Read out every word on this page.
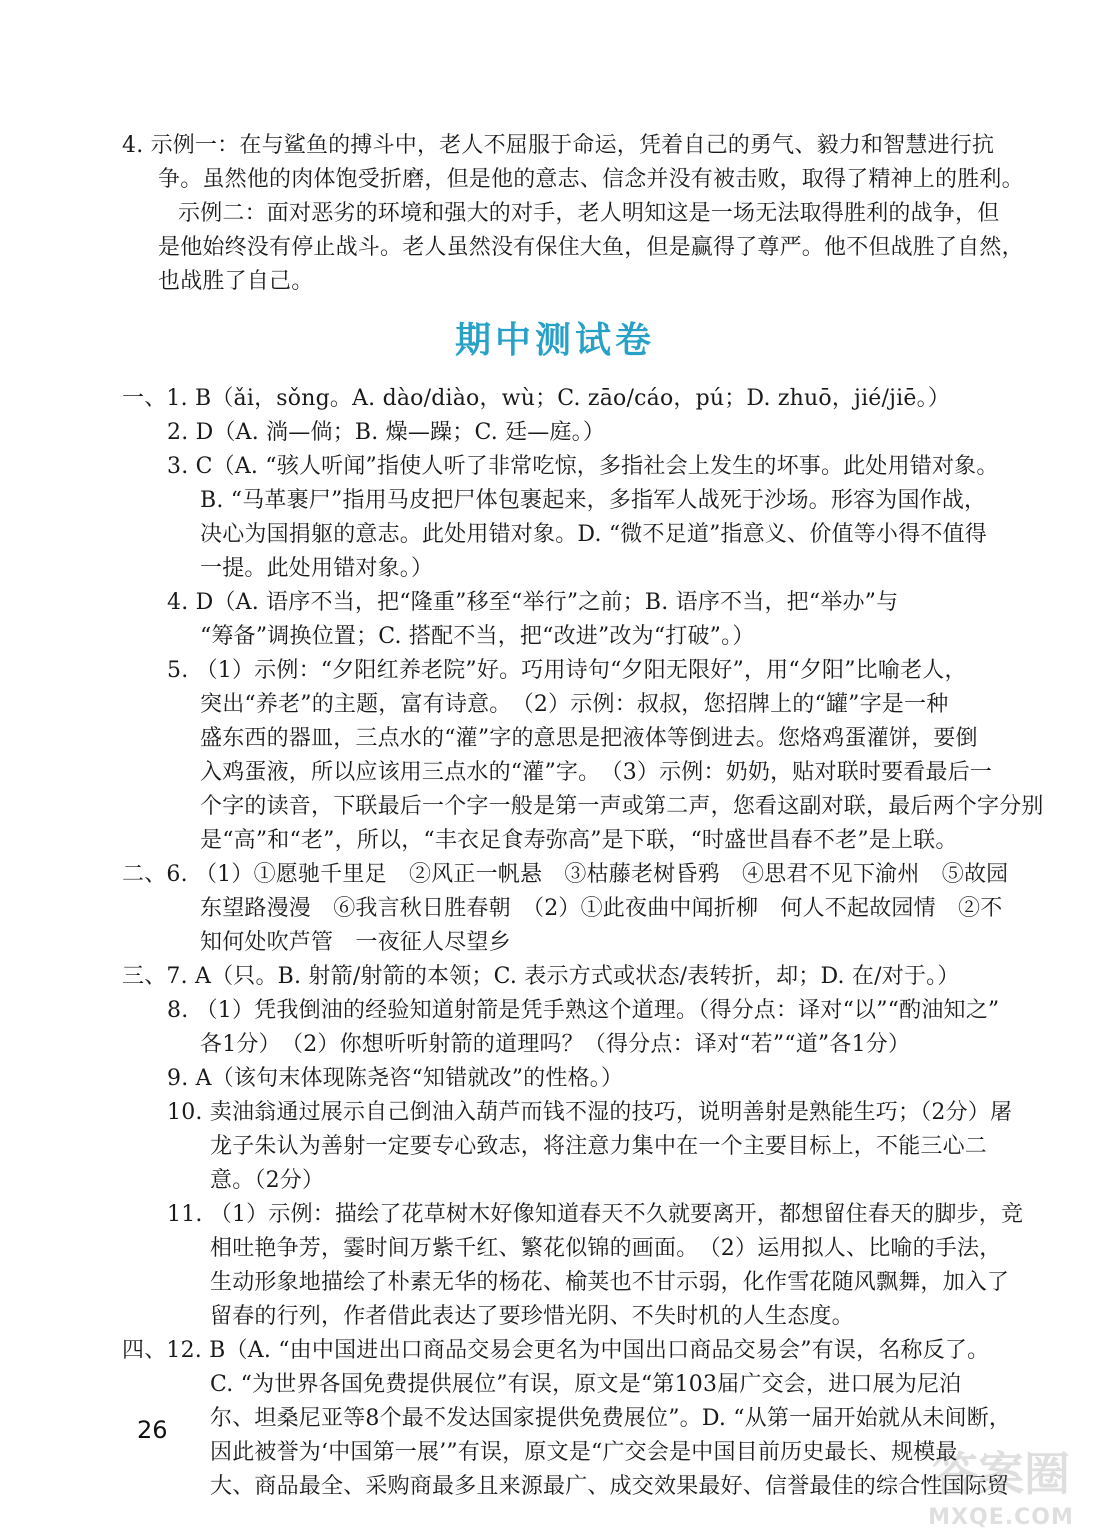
4. 示例一：在与鲨鱼的搏斗中，老人不屈服于命运，凭着自己的勇气、毅力和智慧进行抗
争。虽然他的肉体饱受折磨，但是他的意志、信念并没有被击败，取得了精神上的胜利。
示例二：面对恶劣的环境和强大的对手，老人明知这是一场无法取得胜利的战争，但
是他始终没有停止战斗。老人虽然没有保住大鱼，但是赢得了尊严。他不但战胜了自然，
也战胜了自己。
期中测试卷
一、1. B（ǎi，sǒng。A. dào/diào，wù；C. zāo/cáo，pú；D. zhuō，jié/jiē。）
2. D（A. 淌—倘；B. 燥—躁；C. 廷—庭。）
3. C（A. “骇人听闻”指使人听了非常吃惊，多指社会上发生的坏事。此处用错对象。
B. “马革裹尸”指用马皮把尸体包裹起来，多指军人战死于沙场。形容为国作战，
决心为国捐躯的意志。此处用错对象。D. “微不足道”指意义、价值等小得不值得
一提。此处用错对象。）
4. D（A. 语序不当，把“隆重”移至“举行”之前；B. 语序不当，把“举办”与
“筹备”调换位置；C. 搭配不当，把“改进”改为“打破”。）
5. （1）示例：“夕阳红养老院”好。巧用诗句“夕阳无限好”，用“夕阳”比喻老人，
突出“养老”的主题，富有诗意。　（2）示例：叔叔，您招牌上的“罐”字是一种
盛东西的器皿，三点水的“灌”字的意思是把液体等倒进去。您烙鸡蛋灌饼，要倒
入鸡蛋液，所以应该用三点水的“灌”字。　（3）示例：奶奶，贴对联时要看最后一
个字的读音，下联最后一个字一般是第一声或第二声，您看这副对联，最后两个字分别
是“高”和“老”，所以，“丰衣足食寿弥高”是下联，“时盛世昌春不老”是上联。
二、6. （1）①愿驰千里足　②风正一帆悬　③枯藤老树昏鸦　④思君不见下渝州　⑤故园
东望路漫漫　⑥我言秋日胜春朝　（2）①此夜曲中闻折柳　何人不起故园情　②不
知何处吹芦管　一夜征人尽望乡
三、7. A（只。B. 射箭/射箭的本领；C. 表示方式或状态/表转折，却；D. 在/对于。）
8. （1）凭我倒油的经验知道射箭是凭手熟这个道理。（得分点：译对“以”“酌油知之”
各1分）　（2）你想听听射箭的道理吗？（得分点：译对“若”“道”各1分）
9. A（该句末体现陈尧咨“知错就改”的性格。）
10. 卖油翁通过展示自己倒油入葫芦而钱不湿的技巧，说明善射是熟能生巧；（2分）屠
龙子朱认为善射一定要专心致志，将注意力集中在一个主要目标上，不能三心二
意。（2分）
11. （1）示例：描绘了花草树木好像知道春天不久就要离开，都想留住春天的脚步，竞
相吐艳争芳，霎时间万紫千红、繁花似锦的画面。　（2）运用拟人、比喻的手法，
生动形象地描绘了朴素无华的杨花、榆荚也不甘示弱，化作雪花随风飘舞，加入了
留春的行列，作者借此表达了要珍惜光阴、不失时机的人生态度。
四、12. B（A. “由中国进出口商品交易会更名为中国出口商品交易会”有误，名称反了。
C. “为世界各国免费提供展位”有误，原文是“第103届广交会，进口展为尼泊
尔、坦桑尼亚等8个最不发达国家提供免费展位”。D. “从第一届开始就从未间断，
因此被誉为‘中国第一展’”有误，原文是“广交会是中国目前历史最长、规模最
大、商品最全、采购商最多且来源最广、成交效果最好、信誉最佳的综合性国际贸
26
答案圈
MXQE.COM
